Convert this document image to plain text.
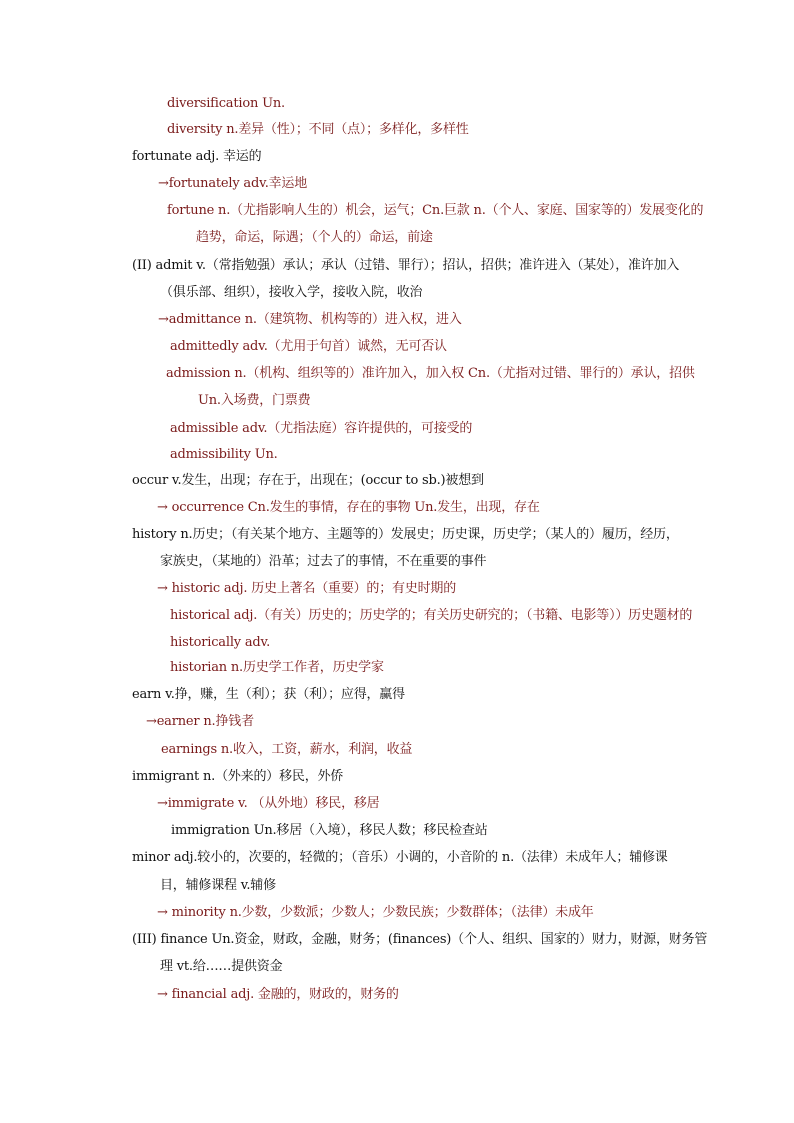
diversification Un.
diversity n.差异（性）；不同（点）；多样化，多样性
fortunate adj. 幸运的
→fortunately adv.幸运地
fortune n.（尤指影响人生的）机会，运气；Cn.巨款 n.（个人、家庭、国家等的）发展变化的
趋势，命运，际遇；（个人的）命运，前途
(II) admit v.（常指勉强）承认；承认（过错、罪行）；招认，招供；准许进入（某处），准许加入
（俱乐部、组织），接收入学，接收入院，收治
→admittance n.（建筑物、机构等的）进入权，进入
admittedly adv.（尤用于句首）诚然，无可否认
admission n.（机构、组织等的）准许加入，加入权 Cn.（尤指对过错、罪行的）承认，招供
Un.入场费，门票费
admissible adv.（尤指法庭）容许提供的，可接受的
admissibility Un.
occur v.发生，出现；存在于，出现在；(occur to sb.)被想到
→ occurrence Cn.发生的事情，存在的事物 Un.发生，出现，存在
history n.历史；（有关某个地方、主题等的）发展史；历史课，历史学；（某人的）履历，经历，
家族史，（某地的）沿革；过去了的事情，不在重要的事件
→ historic adj. 历史上著名（重要）的；有史时期的
historical adj.（有关）历史的；历史学的；有关历史研究的；（书籍、电影等））历史题材的
historically adv.
historian n.历史学工作者，历史学家
earn v.挣，赚，生（利）；获（利）；应得，赢得
→earner n.挣钱者
earnings n.收入，工资，薪水，利润，收益
immigrant n.（外来的）移民，外侨
→immigrate v. （从外地）移民，移居
immigration Un.移居（入境），移民人数；移民检查站
minor adj.较小的，次要的，轻微的；（音乐）小调的，小音阶的 n.（法律）未成年人；辅修课
目，辅修课程 v.辅修
→ minority n.少数，少数派；少数人；少数民族；少数群体；（法律）未成年
(III) finance Un.资金，财政，金融，财务；(finances)（个人、组织、国家的）财力，财源，财务管
理 vt.给……提供资金
→ financial adj. 金融的，财政的，财务的
